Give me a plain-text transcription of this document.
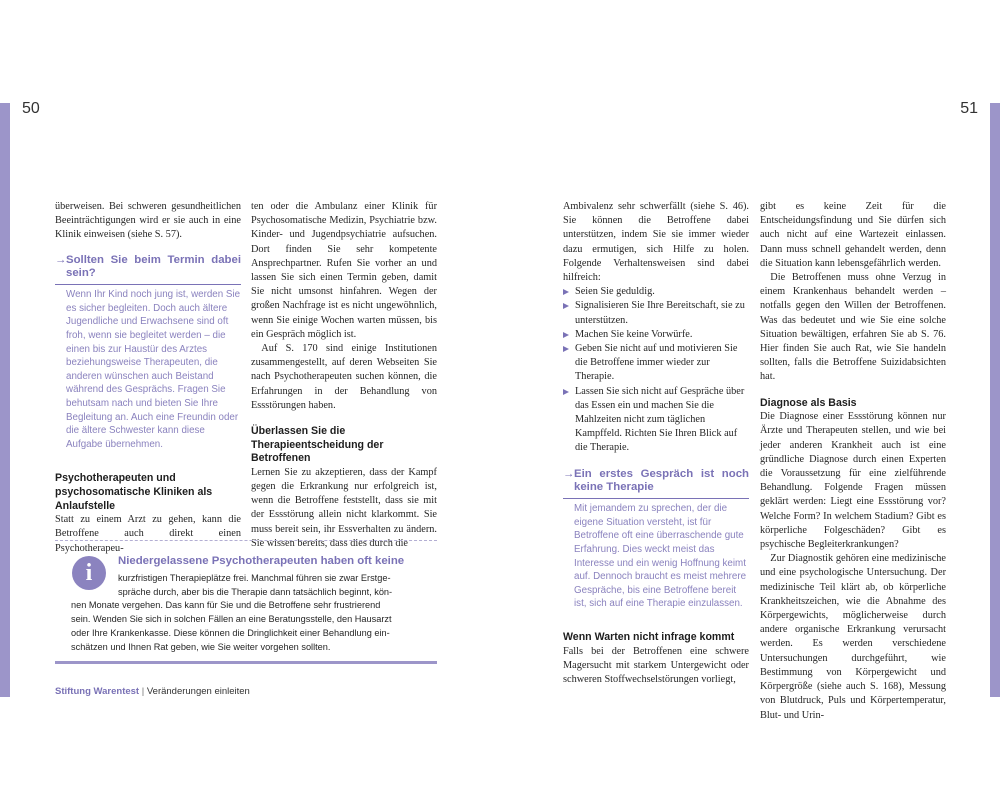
50	51

überweisen. Bei schweren gesundheitlichen Beeinträchtigungen wird er sie auch in eine Klinik einweisen (siehe S. 57).

→ Sollten Sie beim Termin dabei sein?
Wenn Ihr Kind noch jung ist, werden Sie es sicher begleiten. Doch auch ältere Jugendliche und Erwachsene sind oft froh, wenn sie begleitet werden – die einen bis zur Haustür des Arztes beziehungsweise Therapeuten, die anderen wünschen auch Beistand während des Gesprächs. Fragen Sie behutsam nach und bieten Sie Ihre Begleitung an. Auch eine Freundin oder die ältere Schwester kann diese Aufgabe übernehmen.

Psychotherapeuten und psychosomatische Kliniken als Anlaufstelle

Statt zu einem Arzt zu gehen, kann die Betroffene auch direkt einen Psychotherapeu-

ten oder die Ambulanz einer Klinik für Psychosomatische Medizin, Psychiatrie bzw. Kinder- und Jugendpsychiatrie aufsuchen. Dort finden Sie sehr kompetente Ansprechpartner. Rufen Sie vorher an und lassen Sie sich einen Termin geben, damit Sie nicht umsonst hinfahren. Wegen der großen Nachfrage ist es nicht ungewöhnlich, wenn Sie einige Wochen warten müssen, bis ein Gespräch möglich ist.

Auf S. 170 sind einige Institutionen zusammengestellt, auf deren Webseiten Sie nach Psychotherapeuten suchen können, die Erfahrungen in der Behandlung von Essstörungen haben.

Überlassen Sie die Therapieentscheidung der Betroffenen

Lernen Sie zu akzeptieren, dass der Kampf gegen die Erkrankung nur erfolgreich ist, wenn die Betroffene feststellt, dass sie mit der Essstörung allein nicht klarkommt. Sie muss bereit sein, ihr Essverhalten zu ändern. Sie wissen bereits, dass dies durch die

i	Niedergelassene Psychotherapeuten haben oft keine
kurzfristigen Therapieplätze frei. Manchmal führen sie zwar Erstge-
spräche durch, aber bis die Therapie dann tatsächlich beginnt, kön-
nen Monate vergehen. Das kann für Sie und die Betroffene sehr frustrierend
sein. Wenden Sie sich in solchen Fällen an eine Beratungsstelle, den Hausarzt
oder Ihre Krankenkasse. Diese können die Dringlichkeit einer Behandlung ein-
schätzen und Ihnen Rat geben, wie Sie weiter vorgehen sollten.
Stiftung Warentest | Veränderungen einleiten

Ambivalenz sehr schwerfällt (siehe S. 46). Sie können die Betroffene dabei unterstützen, indem Sie sie immer wieder dazu ermutigen, sich Hilfe zu holen. Folgende Verhaltensweisen sind dabei hilfreich:

Seien Sie geduldig.
Signalisieren Sie Ihre Bereitschaft, sie zu unterstützen.
Machen Sie keine Vorwürfe.
Geben Sie nicht auf und motivieren Sie die Betroffene immer wieder zur Therapie.
Lassen Sie sich nicht auf Gespräche über das Essen ein und machen Sie die Mahlzeiten nicht zum täglichen Kampffeld. Richten Sie Ihren Blick auf die Therapie.
→ Ein erstes Gespräch ist noch keine Therapie
Mit jemandem zu sprechen, der die eigene Situation versteht, ist für Betroffene oft eine überraschende gute Erfahrung. Dies weckt meist das Interesse und ein wenig Hoffnung keimt auf. Dennoch braucht es meist mehrere Gespräche, bis eine Betroffene bereit ist, sich auf eine Therapie einzulassen.

Wenn Warten nicht infrage kommt

Falls bei der Betroffenen eine schwere Magersucht mit starkem Untergewicht oder schweren Stoffwechselstörungen vorliegt,

gibt es keine Zeit für die Entscheidungsfindung und Sie dürfen sich auch nicht auf eine Wartezeit einlassen. Dann muss schnell gehandelt werden, denn die Situation kann lebensgefährlich werden.

Die Betroffenen muss ohne Verzug in einem Krankenhaus behandelt werden – notfalls gegen den Willen der Betroffenen. Was das bedeutet und wie Sie eine solche Situation bewältigen, erfahren Sie ab S. 76. Hier finden Sie auch Rat, wie Sie handeln sollten, falls die Betroffene Suizidabsichten hat.

Diagnose als Basis

Die Diagnose einer Essstörung können nur Ärzte und Therapeuten stellen, und wie bei jeder anderen Krankheit auch ist eine gründliche Diagnose durch einen Experten die Voraussetzung für eine zielführende Behandlung. Folgende Fragen müssen geklärt werden: Liegt eine Essstörung vor? Welche Form? In welchem Stadium? Gibt es körperliche Folgeschäden? Gibt es psychische Begleiterkrankungen?

Zur Diagnostik gehören eine medizinische und eine psychologische Untersuchung. Der medizinische Teil klärt ab, ob körperliche Krankheitszeichen, wie die Abnahme des Körpergewichts, möglicherweise durch andere organische Erkrankung verursacht werden. Es werden verschiedene Untersuchungen durchgeführt, wie Bestimmung von Körpergewicht und Körpergröße (siehe auch S. 168), Messung von Blutdruck, Puls und Körpertemperatur, Blut- und Urin-
